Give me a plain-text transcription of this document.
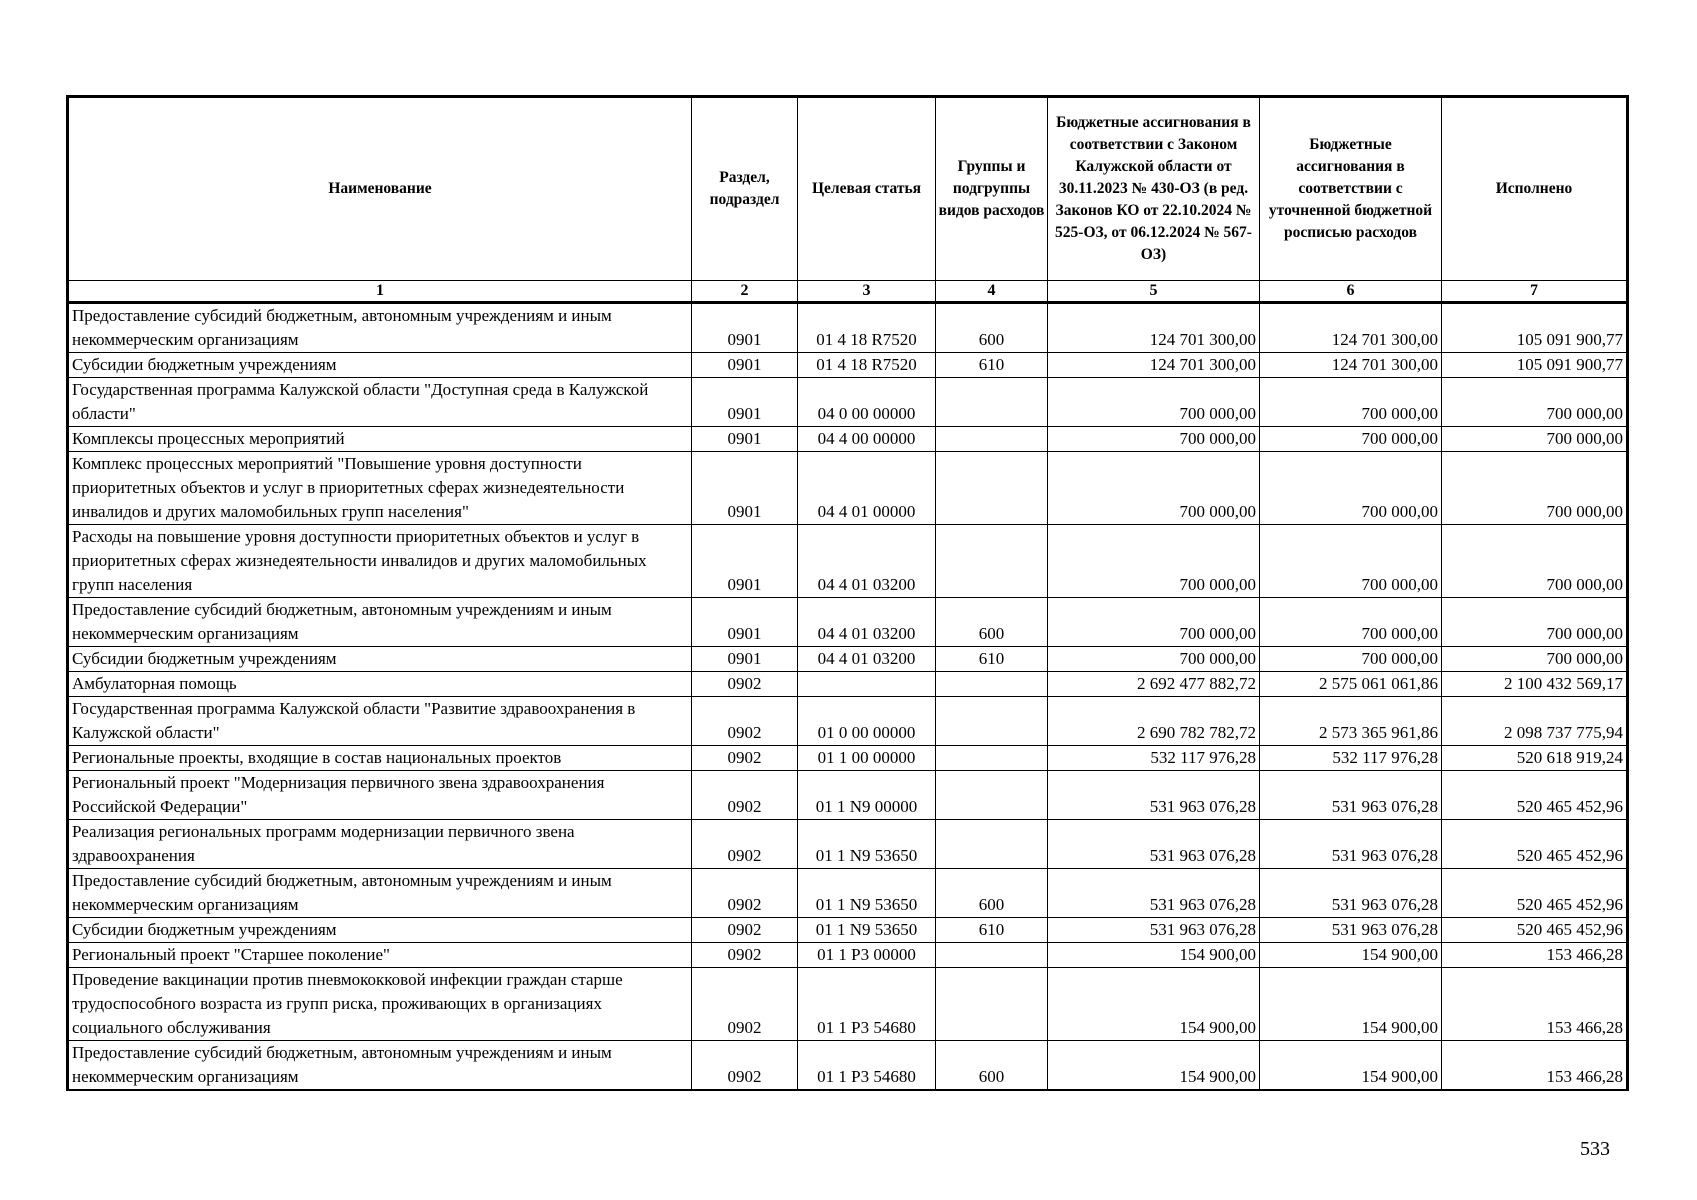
Наименование	Раздел, подраздел	Целевая статья	Группы и подгруппы видов расходов	Бюджетные ассигнования в соответствии с Законом Калужской области от 30.11.2023 № 430-ОЗ (в ред. Законов КО от 22.10.2024 № 525-ОЗ, от 06.12.2024 № 567-ОЗ)	Бюджетные ассигнования в соответствии с уточненной бюджетной росписью расходов	Исполнено
1	2	3	4	5	6	7
Предоставление субсидий бюджетным, автономным учреждениям и иным некоммерческим организациям	0901	01 4 18 R7520	600	124 701 300,00	124 701 300,00	105 091 900,77
Субсидии бюджетным учреждениям	0901	01 4 18 R7520	610	124 701 300,00	124 701 300,00	105 091 900,77
Государственная программа Калужской области "Доступная среда в Калужской области"	0901	04 0 00 00000		700 000,00	700 000,00	700 000,00
Комплексы процессных мероприятий	0901	04 4 00 00000		700 000,00	700 000,00	700 000,00
Комплекс процессных мероприятий "Повышение уровня доступности приоритетных объектов и услуг в приоритетных сферах жизнедеятельности инвалидов и других маломобильных групп населения"	0901	04 4 01 00000		700 000,00	700 000,00	700 000,00
Расходы на повышение уровня доступности приоритетных объектов и услуг в приоритетных сферах жизнедеятельности инвалидов и других маломобильных групп населения	0901	04 4 01 03200		700 000,00	700 000,00	700 000,00
Предоставление субсидий бюджетным, автономным учреждениям и иным некоммерческим организациям	0901	04 4 01 03200	600	700 000,00	700 000,00	700 000,00
Субсидии бюджетным учреждениям	0901	04 4 01 03200	610	700 000,00	700 000,00	700 000,00
Амбулаторная помощь	0902			2 692 477 882,72	2 575 061 061,86	2 100 432 569,17
Государственная программа Калужской области "Развитие здравоохранения в Калужской области"	0902	01 0 00 00000		2 690 782 782,72	2 573 365 961,86	2 098 737 775,94
Региональные проекты, входящие в состав национальных проектов	0902	01 1 00 00000		532 117 976,28	532 117 976,28	520 618 919,24
Региональный проект "Модернизация первичного звена здравоохранения Российской Федерации"	0902	01 1 N9 00000		531 963 076,28	531 963 076,28	520 465 452,96
Реализация региональных программ модернизации первичного звена здравоохранения	0902	01 1 N9 53650		531 963 076,28	531 963 076,28	520 465 452,96
Предоставление субсидий бюджетным, автономным учреждениям и иным некоммерческим организациям	0902	01 1 N9 53650	600	531 963 076,28	531 963 076,28	520 465 452,96
Субсидии бюджетным учреждениям	0902	01 1 N9 53650	610	531 963 076,28	531 963 076,28	520 465 452,96
Региональный проект "Старшее поколение"	0902	01 1 P3 00000		154 900,00	154 900,00	153 466,28
Проведение вакцинации против пневмококковой инфекции граждан старше трудоспособного возраста из групп риска, проживающих в организациях социального обслуживания	0902	01 1 P3 54680		154 900,00	154 900,00	153 466,28
Предоставление субсидий бюджетным, автономным учреждениям и иным некоммерческим организациям	0902	01 1 P3 54680	600	154 900,00	154 900,00	153 466,28
533
